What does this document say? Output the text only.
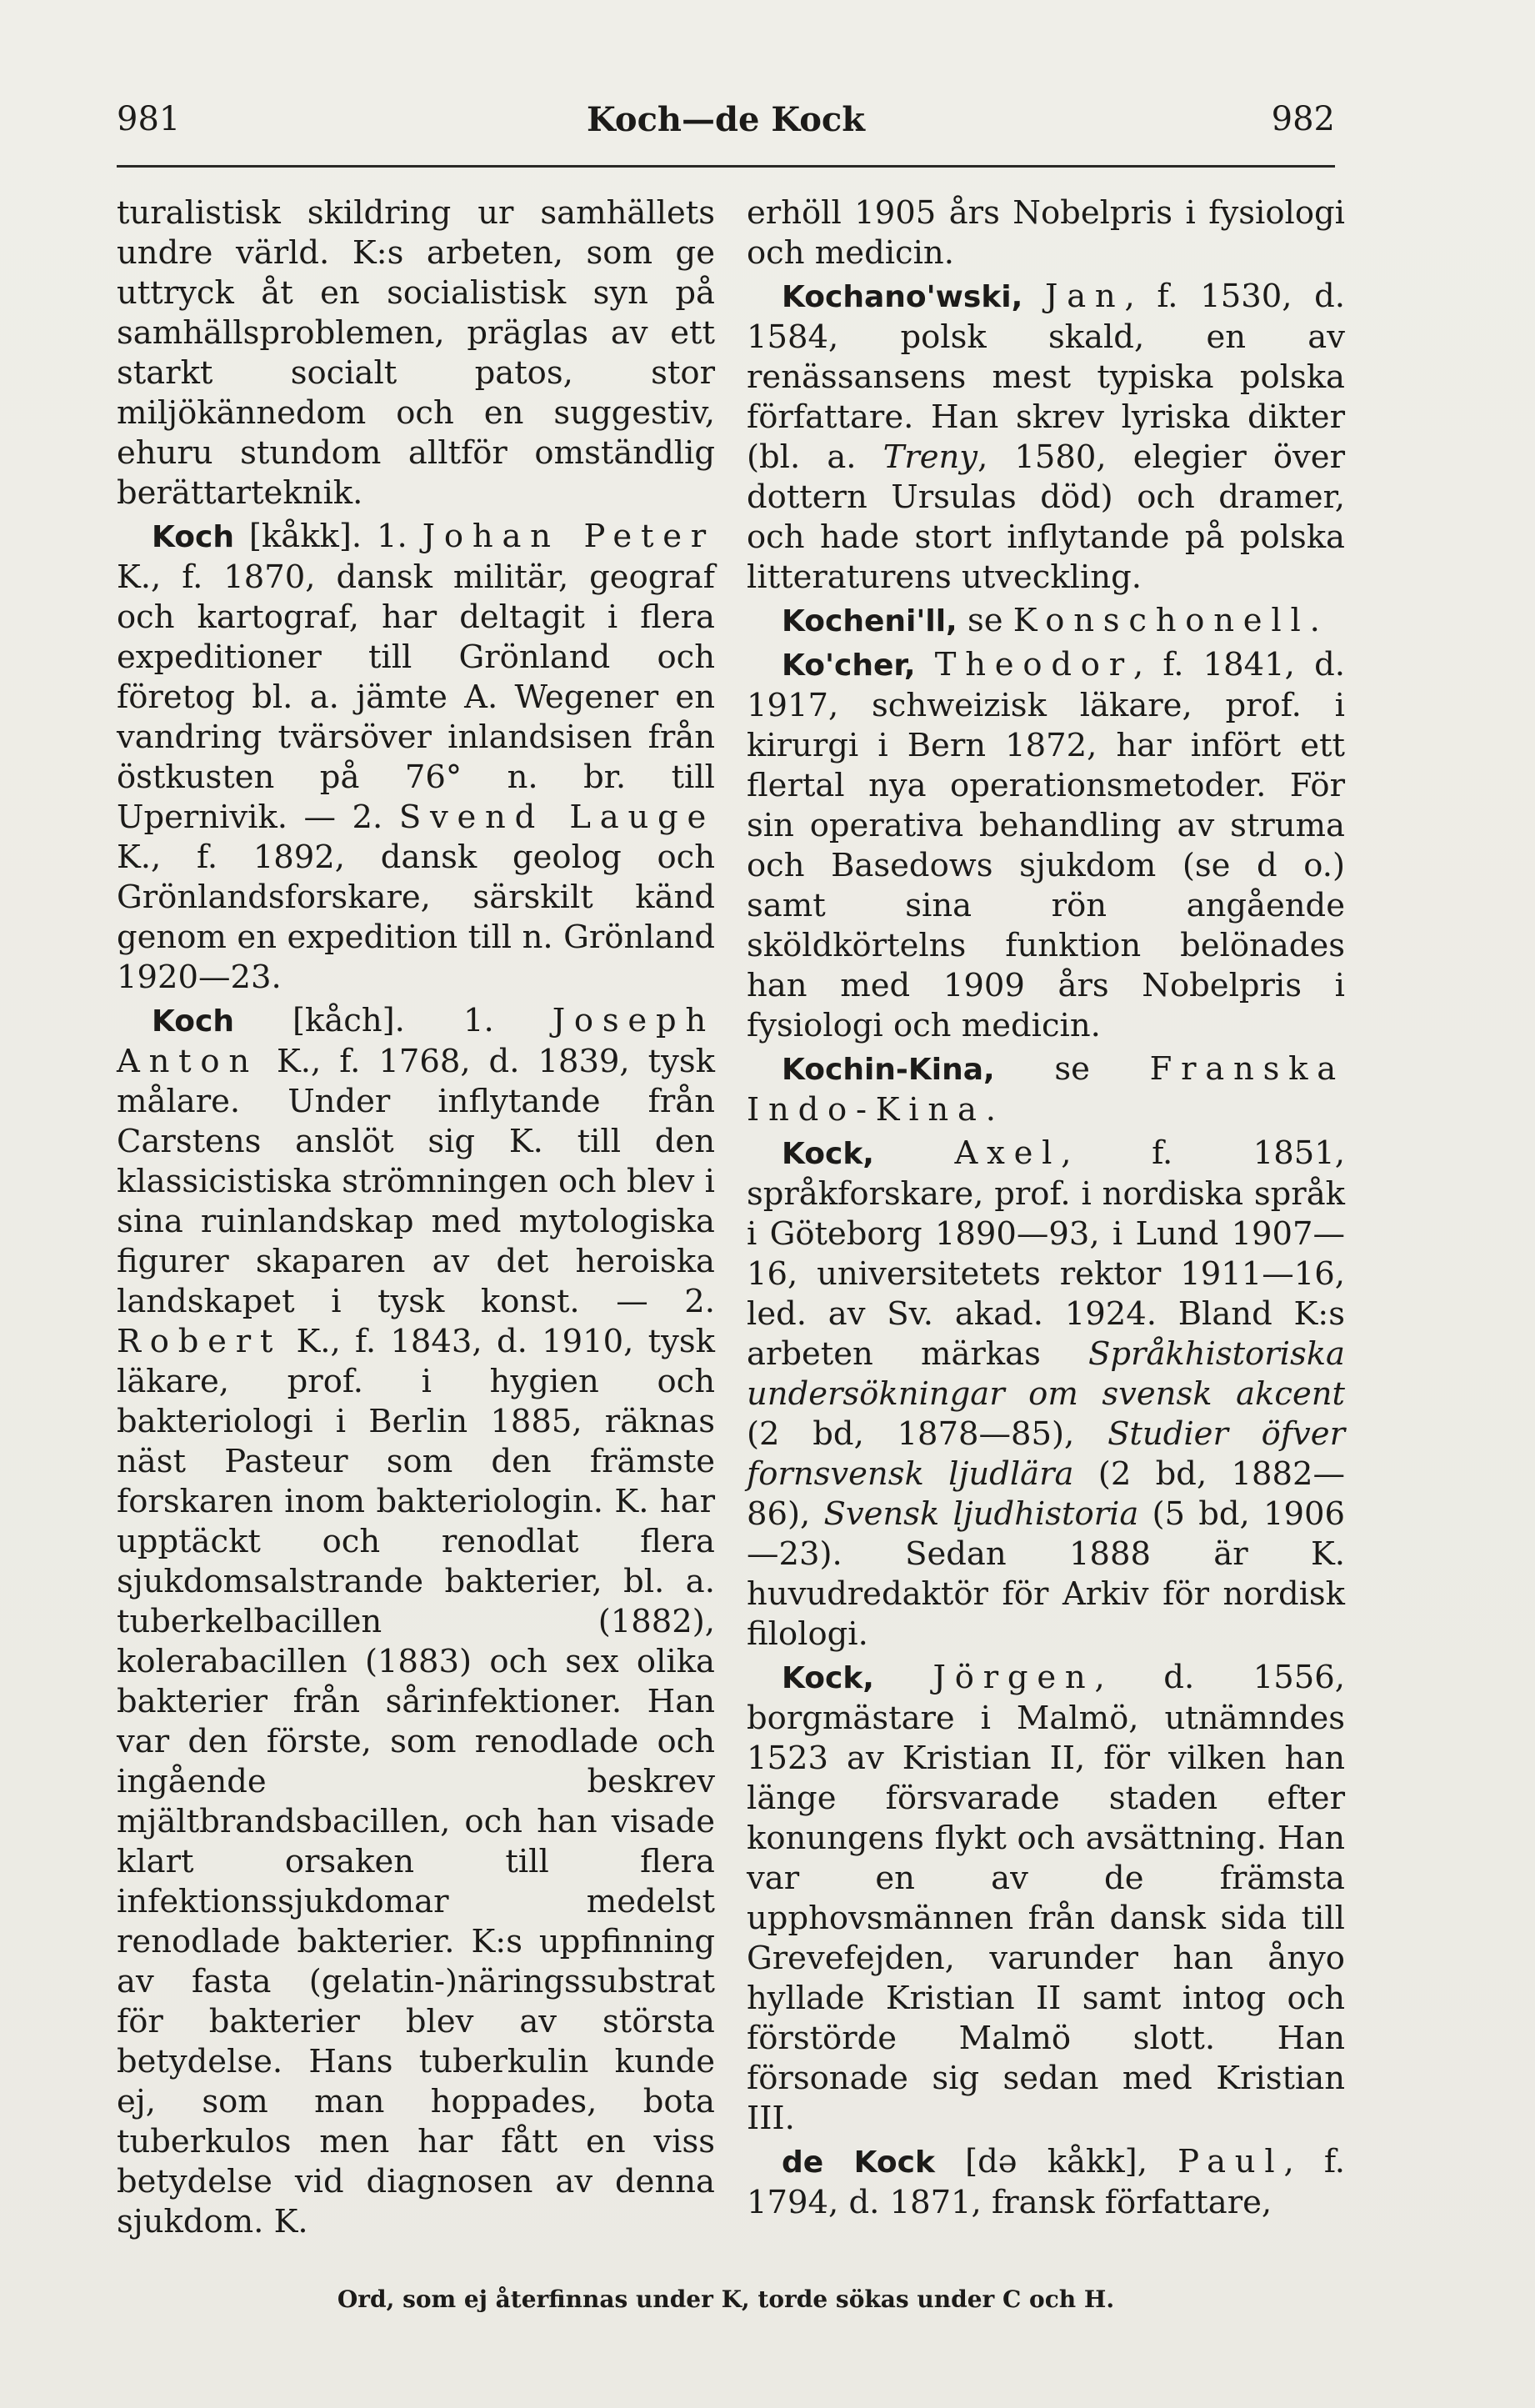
981	Koch—de Kock	982

turalistisk skildring ur samhällets undre värld. K:s arbeten, som ge uttryck åt en socialistisk syn på samhällsproblemen, präglas av ett starkt socialt patos, stor miljökännedom och en suggestiv, ehuru stundom alltför omständlig berättarteknik.

Koch [kåkk]. 1. Johan Peter K., f. 1870, dansk militär, geograf och kartograf, har deltagit i flera expeditioner till Grönland och företog bl. a. jämte A. Wegener en vandring tvärsöver inlandsisen från östkusten på 76° n. br. till Upernivik. — 2. Svend Lauge K., f. 1892, dansk geolog och Grönlandsforskare, särskilt känd genom en expedition till n. Grönland 1920—23.

Koch [kåch]. 1. Joseph Anton K., f. 1768, d. 1839, tysk målare. Under inflytande från Carstens anslöt sig K. till den klassicistiska strömningen och blev i sina ruinlandskap med mytologiska figurer skaparen av det heroiska landskapet i tysk konst. — 2. Robert K., f. 1843, d. 1910, tysk läkare, prof. i hygien och bakteriologi i Berlin 1885, räknas näst Pasteur som den främste forskaren inom bakteriologin. K. har upptäckt och renodlat flera sjukdomsalstrande bakterier, bl. a. tuberkelbacillen (1882), kolerabacillen (1883) och sex olika bakterier från sårinfektioner. Han var den förste, som renodlade och ingående beskrev mjältbrandsbacillen, och han visade klart orsaken till flera infektionssjukdomar medelst renodlade bakterier. K:s uppfinning av fasta (gelatin-)näringssubstrat för bakterier blev av största betydelse. Hans tuberkulin kunde ej, som man hoppades, bota tuberkulos men har fått en viss betydelse vid diagnosen av denna sjukdom. K.

erhöll 1905 års Nobelpris i fysiologi och medicin.

Kochano'wski, Jan, f. 1530, d. 1584, polsk skald, en av renässansens mest typiska polska författare. Han skrev lyriska dikter (bl. a. Treny, 1580, elegier över dottern Ursulas död) och dramer, och hade stort inflytande på polska litteraturens utveckling.

Kocheni'll, se Konschonell.

Ko'cher, Theodor, f. 1841, d. 1917, schweizisk läkare, prof. i kirurgi i Bern 1872, har infört ett flertal nya operationsmetoder. För sin operativa behandling av struma och Basedows sjukdom (se d o.) samt sina rön angående sköldkörtelns funktion belönades han med 1909 års Nobelpris i fysiologi och medicin.

Kochin-Kina, se Franska Indo-Kina.

Kock,	Axel, f. 1851, språkforskare, prof. i nordiska språk i Göteborg 1890—93, i Lund 1907—16, universitetets rektor 1911—16, led. av Sv. akad. 1924. Bland K:s arbeten märkas Språkhistoriska undersökningar om svensk akcent (2 bd, 1878—85), Studier öfver fornsvensk ljudlära (2 bd, 1882—86), Svensk ljudhistoria (5 bd, 1906—23). Sedan 1888 är K. huvudredaktör för Arkiv för nordisk filologi.

Kock, Jörgen, d. 1556, borgmästare i Malmö, utnämndes 1523 av Kristian II, för vilken han länge försvarade staden efter konungens flykt och avsättning. Han var en av de främsta upphovsmännen från dansk sida till Grevefejden, varunder han ånyo hyllade Kristian II samt intog och förstörde Malmö slott. Han försonade sig sedan med Kristian III.

de Kock [də kåkk], Paul, f. 1794, d. 1871, fransk författare,

Ord, som ej återfinnas under K, torde sökas under C och H.
